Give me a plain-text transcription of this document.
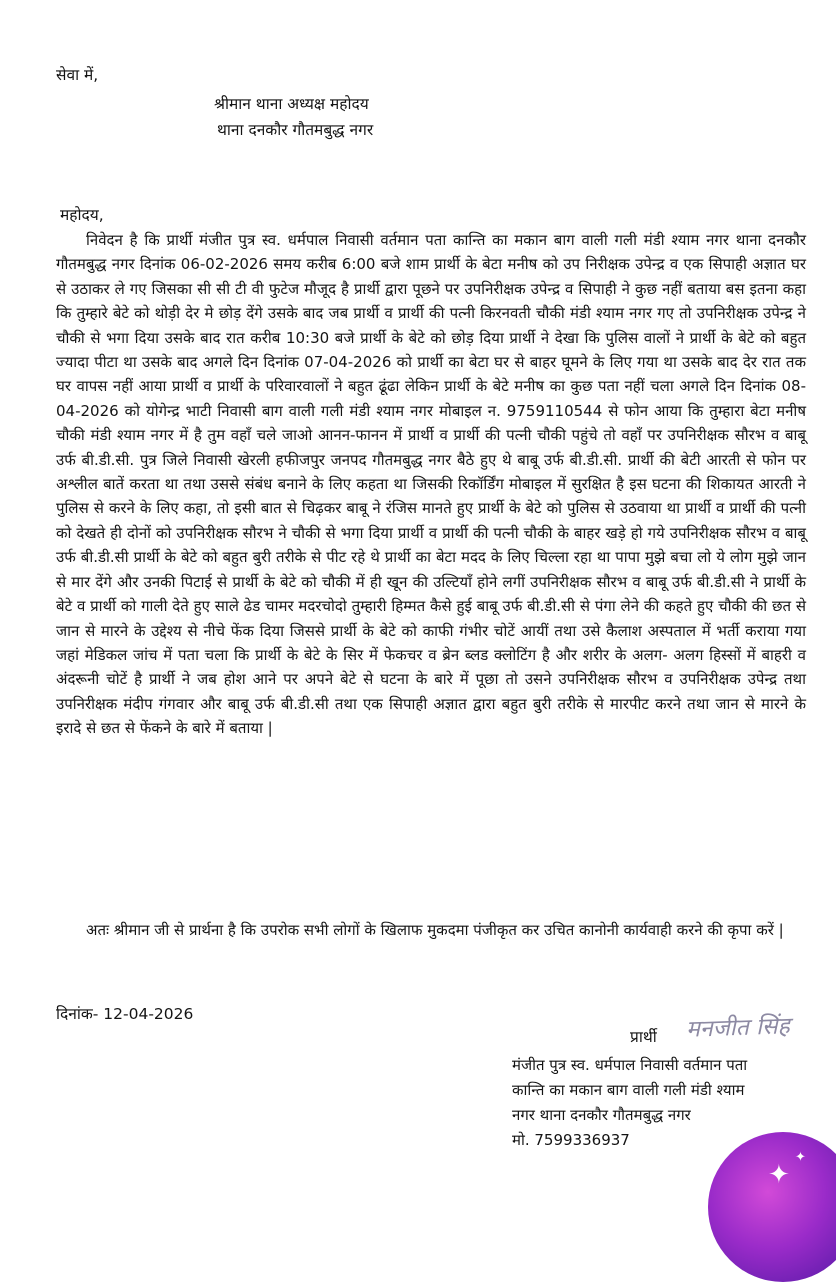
सेवा में,
श्रीमान थाना अध्यक्ष महोदय
थाना दनकौर गौतमबुद्ध नगर
महोदय,

निवेदन है कि प्रार्थी मंजीत पुत्र स्व. धर्मपाल निवासी वर्तमान पता कान्ति का मकान बाग वाली गली मंडी श्याम नगर थाना दनकौर गौतमबुद्ध नगर दिनांक 06-02-2026 समय करीब 6:00 बजे शाम प्रार्थी के बेटा मनीष को उप निरीक्षक उपेन्द्र व एक सिपाही अज्ञात घर से उठाकर ले गए जिसका सी सी टी वी फुटेज मौजूद है प्रार्थी द्वारा पूछने पर उपनिरीक्षक उपेन्द्र व सिपाही ने कुछ नहीं बताया बस इतना कहा कि तुम्हारे बेटे को थोड़ी देर मे छोड़ देंगे उसके बाद जब प्रार्थी व प्रार्थी की पत्नी किरनवती चौकी मंडी श्याम नगर गए तो उपनिरीक्षक उपेन्द्र ने चौकी से भगा दिया उसके बाद रात करीब 10:30 बजे प्रार्थी के बेटे को छोड़ दिया प्रार्थी ने देखा कि पुलिस वालों ने प्रार्थी के बेटे को बहुत ज्यादा पीटा था उसके बाद अगले दिन दिनांक 07-04-2026 को प्रार्थी का बेटा घर से बाहर घूमने के लिए गया था उसके बाद देर रात तक घर वापस नहीं आया प्रार्थी व प्रार्थी के परिवारवालों ने बहुत ढूंढा लेकिन प्रार्थी के बेटे मनीष का कुछ पता नहीं चला अगले दिन दिनांक 08-04-2026 को योगेन्द्र भाटी निवासी बाग वाली गली मंडी श्याम नगर मोबाइल न. 9759110544 से फोन आया कि तुम्हारा बेटा मनीष चौकी मंडी श्याम नगर में है तुम वहाँ चले जाओ आनन-फानन में प्रार्थी व प्रार्थी की पत्नी चौकी पहुंचे तो वहाँ पर उपनिरीक्षक सौरभ व बाबू उर्फ बी.डी.सी. पुत्र जिले निवासी खेरली हफीजपुर जनपद गौतमबुद्ध नगर बैठे हुए थे बाबू उर्फ बी.डी.सी. प्रार्थी की बेटी आरती से फोन पर अश्लील बातें करता था तथा उससे संबंध बनाने के लिए कहता था जिसकी रिकॉर्डिंग मोबाइल में सुरक्षित है इस घटना की शिकायत आरती ने पुलिस से करने के लिए कहा, तो इसी बात से चिढ़कर बाबू ने रंजिस मानते हुए प्रार्थी के बेटे को पुलिस से उठवाया था प्रार्थी व प्रार्थी की पत्नी को देखते ही दोनों को उपनिरीक्षक सौरभ ने चौकी से भगा दिया प्रार्थी व प्रार्थी की पत्नी चौकी के बाहर खड़े हो गये उपनिरीक्षक सौरभ व बाबू उर्फ बी.डी.सी प्रार्थी के बेटे को बहुत बुरी तरीके से पीट रहे थे प्रार्थी का बेटा मदद के लिए चिल्ला रहा था पापा मुझे बचा लो ये लोग मुझे जान से मार देंगे और उनकी पिटाई से प्रार्थी के बेटे को चौकी में ही खून की उल्टियाँ होने लगीं उपनिरीक्षक सौरभ व बाबू उर्फ बी.डी.सी ने प्रार्थी के बेटे व प्रार्थी को गाली देते हुए साले ढेड चामर मदरचोदो तुम्हारी हिम्मत कैसे हुई बाबू उर्फ बी.डी.सी से पंगा लेने की कहते हुए चौकी की छत से जान से मारने के उद्देश्य से नीचे फेंक दिया जिससे प्रार्थी के बेटे को काफी गंभीर चोटें आयीं तथा उसे कैलाश अस्पताल में भर्ती कराया गया जहां मेडिकल जांच में पता चला कि प्रार्थी के बेटे के सिर में फेकचर व ब्रेन ब्लड क्लोटिंग है और शरीर के अलग- अलग हिस्सों में बाहरी व अंदरूनी चोटें है प्रार्थी ने जब होश आने पर अपने बेटे से घटना के बारे में पूछा तो उसने उपनिरीक्षक सौरभ व उपनिरीक्षक उपेन्द्र तथा उपनिरीक्षक मंदीप गंगवार और बाबू उर्फ बी.डी.सी तथा एक सिपाही अज्ञात द्वारा बहुत बुरी तरीके से मारपीट करने तथा जान से मारने के इरादे से छत से फेंकने के बारे में बताया |

अतः श्रीमान जी से प्रार्थना है कि उपरोक सभी लोगों के खिलाफ मुकदमा पंजीकृत कर उचित कानोनी कार्यवाही करने की कृपा करें |

दिनांक- 12-04-2026
प्रार्थी मनजीत सिंह
मंजीत पुत्र स्व. धर्मपाल निवासी वर्तमान पता
कान्ति का मकान बाग वाली गली मंडी श्याम
नगर थाना दनकौर गौतमबुद्ध नगर
मो. 7599336937
✦
✦
